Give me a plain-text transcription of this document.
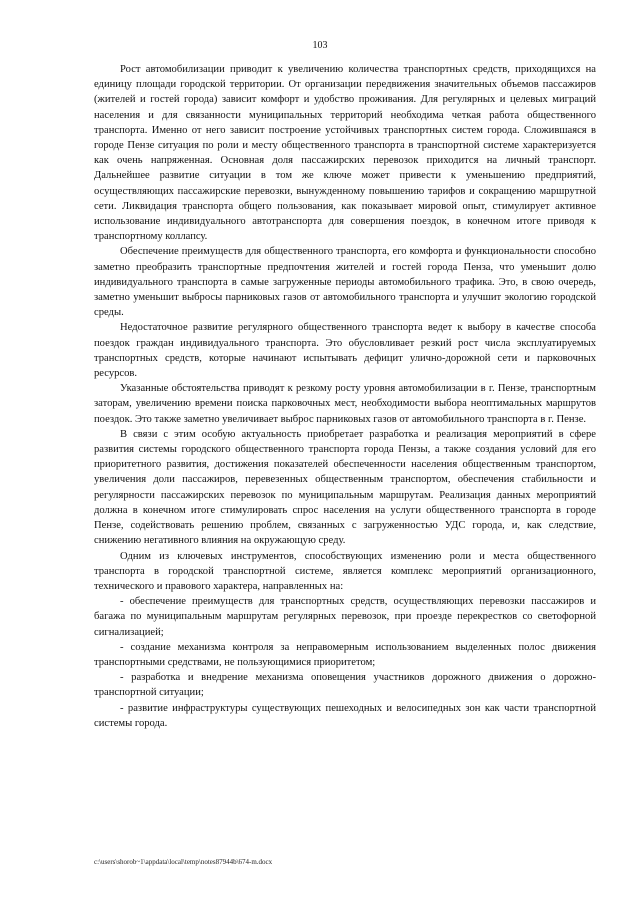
103

Рост автомобилизации приводит к увеличению количества транспортных средств, приходящихся на единицу площади городской территории. От организации передвижения значительных объемов пассажиров (жителей и гостей города) зависит комфорт и удобство проживания. Для регулярных и целевых миграций населения и для связанности муниципальных территорий необходима четкая работа общественного транспорта. Именно от него зависит построение устойчивых транспортных систем города. Сложившаяся в городе Пензе ситуация по роли и месту общественного транспорта в транспортной системе характеризуется как очень напряженная. Основная доля пассажирских перевозок приходится на личный транспорт. Дальнейшее развитие ситуации в том же ключе может привести к уменьшению предприятий, осуществляющих пассажирские перевозки, вынужденному повышению тарифов и сокращению маршрутной сети. Ликвидация транспорта общего пользования, как показывает мировой опыт, стимулирует активное использование индивидуального автотранспорта для совершения поездок, в конечном итоге приводя к транспортному коллапсу.

Обеспечение преимуществ для общественного транспорта, его комфорта и функциональности способно заметно преобразить транспортные предпочтения жителей и гостей города Пенза, что уменьшит долю индивидуального транспорта в самые загруженные периоды автомобильного трафика. Это, в свою очередь, заметно уменьшит выбросы парниковых газов от автомобильного транспорта и улучшит экологию городской среды.

Недостаточное развитие регулярного общественного транспорта ведет к выбору в качестве способа поездок граждан индивидуального транспорта. Это обусловливает резкий рост числа эксплуатируемых транспортных средств, которые начинают испытывать дефицит улично-дорожной сети и парковочных ресурсов.

Указанные обстоятельства приводят к резкому росту уровня автомобилизации в г. Пензе, транспортным заторам, увеличению времени поиска парковочных мест, необходимости выбора неоптимальных маршрутов поездок. Это также заметно увеличивает выброс парниковых газов от автомобильного транспорта в г. Пензе.

В связи с этим особую актуальность приобретает разработка и реализация мероприятий в сфере развития системы городского общественного транспорта города Пензы, а также создания условий для его приоритетного развития, достижения показателей обеспеченности населения общественным транспортом, увеличения доли пассажиров, перевезенных общественным транспортом, обеспечения стабильности и регулярности пассажирских перевозок по муниципальным маршрутам. Реализация данных мероприятий должна в конечном итоге стимулировать спрос населения на услуги общественного транспорта в городе Пензе, содействовать решению проблем, связанных с загруженностью УДС города, и, как следствие, снижению негативного влияния на окружающую среду.

Одним из ключевых инструментов, способствующих изменению роли и места общественного транспорта в городской транспортной системе, является комплекс мероприятий организационного, технического и правового характера, направленных на:

- обеспечение преимуществ для транспортных средств, осуществляющих перевозки пассажиров и багажа по муниципальным маршрутам регулярных перевозок, при проезде перекрестков со светофорной сигнализацией;

- создание механизма контроля за неправомерным использованием выделенных полос движения транспортными средствами, не пользующимися приоритетом;

- разработка и внедрение механизма оповещения участников дорожного движения о дорожно-транспортной ситуации;

- развитие инфраструктуры существующих пешеходных и велосипедных зон как части транспортной системы города.

c:\users\shorob~1\appdata\local\temp\notes87944b\674-m.docx
